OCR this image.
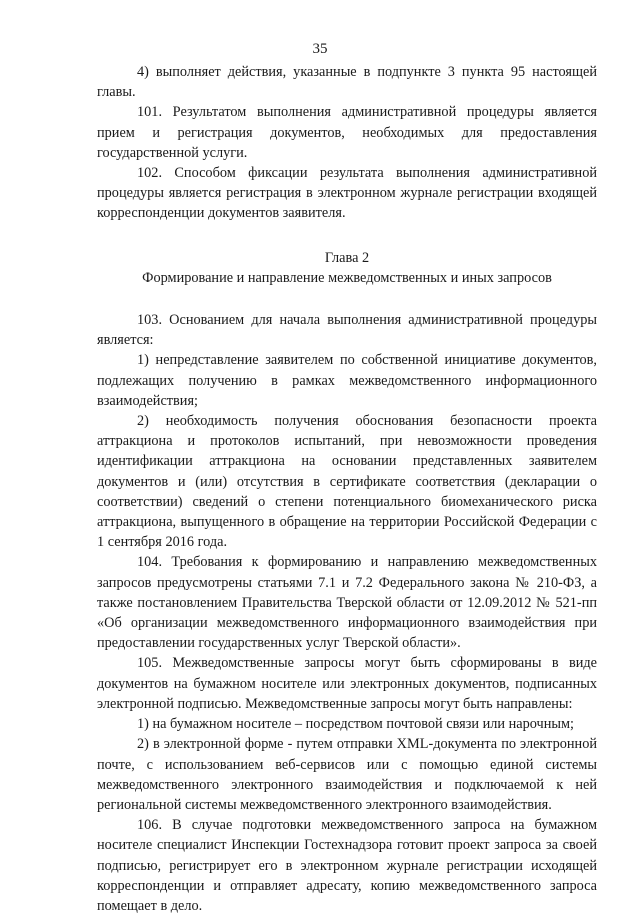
35

4) выполняет действия, указанные в подпункте 3 пункта 95 настоящей главы.

101. Результатом выполнения административной процедуры является прием и регистрация документов, необходимых для предоставления государственной услуги.

102. Способом фиксации результата выполнения административной процедуры является регистрация в электронном журнале регистрации входящей корреспонденции документов заявителя.

Глава 2

Формирование и направление межведомственных и иных запросов

103. Основанием для начала выполнения административной процедуры является:

1) непредставление заявителем по собственной инициативе документов, подлежащих получению в рамках межведомственного информационного взаимодействия;

2) необходимость получения обоснования безопасности проекта аттракциона и протоколов испытаний, при невозможности проведения идентификации аттракциона на основании представленных заявителем документов и (или) отсутствия в сертификате соответствия (декларации о соответствии) сведений о степени потенциального биомеханического риска аттракциона, выпущенного в обращение на территории Российской Федерации с 1 сентября 2016 года.

104. Требования к формированию и направлению межведомственных запросов предусмотрены статьями 7.1 и 7.2 Федерального закона № 210-ФЗ, а также постановлением Правительства Тверской области от 12.09.2012 № 521-пп «Об организации межведомственного информационного взаимодействия при предоставлении государственных услуг Тверской области».

105. Межведомственные запросы могут быть сформированы в виде документов на бумажном носителе или электронных документов, подписанных электронной подписью. Межведомственные запросы могут быть направлены:

1) на бумажном носителе – посредством почтовой связи или нарочным;

2) в электронной форме - путем отправки XML-документа по электронной почте, с использованием веб-сервисов или с помощью единой системы межведомственного электронного взаимодействия и подключаемой к ней региональной системы межведомственного электронного взаимодействия.

106. В случае подготовки межведомственного запроса на бумажном носителе специалист Инспекции Гостехнадзора готовит проект запроса за своей подписью, регистрирует его в электронном журнале регистрации исходящей корреспонденции и отправляет адресату, копию межведомственного запроса помещает в дело.
